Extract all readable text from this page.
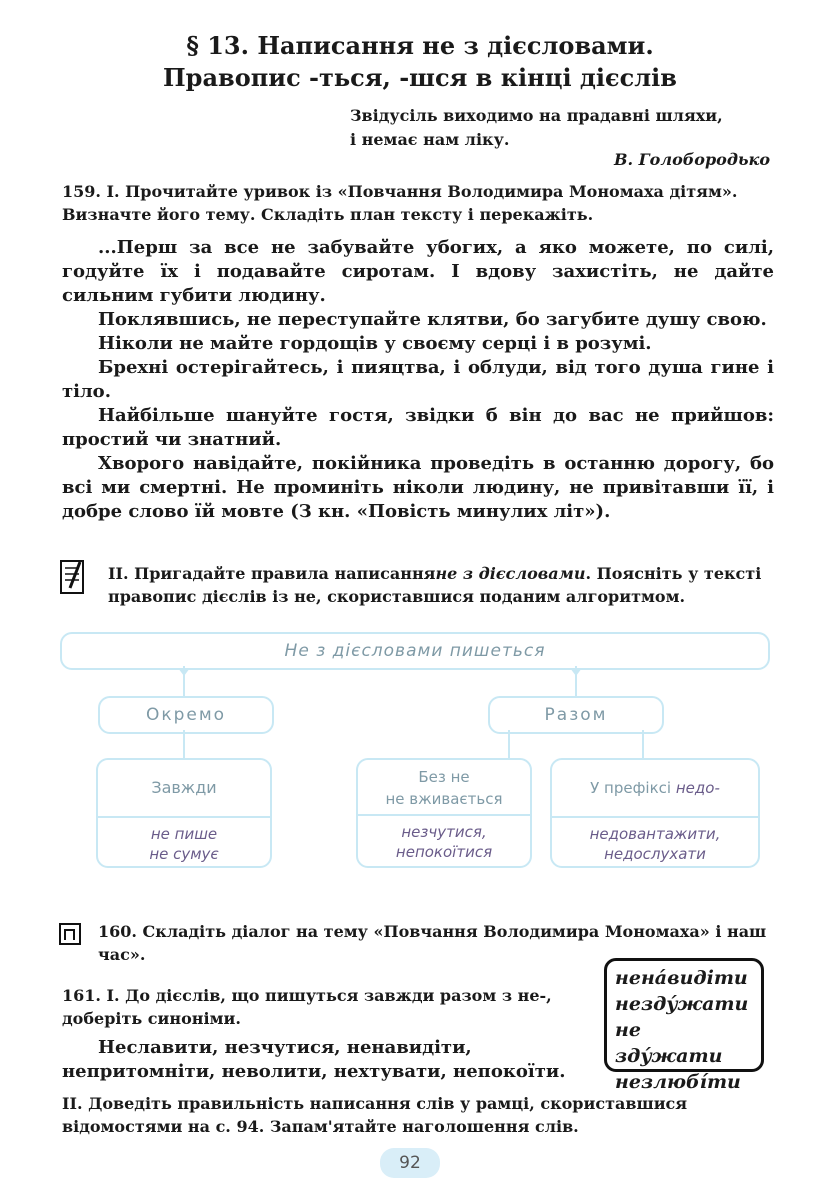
§ 13. Написання не з дієсловами.
Правопис -ться, -шся в кінці дієслів
Звідусіль виходимо на прадавні шляхи,
і немає нам ліку.
В. Голобородько
159. I. Прочитайте уривок із «Повчання Володимира Мономаха дітям». Визначте його тему. Складіть план тексту і перекажіть.
...Перш за все не забувайте убогих, а яко можете, по силі, годуйте їх і подавайте сиротам. І вдову захистіть, не дайте сильним губити людину.
Поклявшись, не переступайте клятви, бо загубите душу свою.
Ніколи не майте гордощів у своєму серці і в розумі.
Брехні остерігайтесь, і пияцтва, і облуди, від того душа гине і тіло.
Найбільше шануйте гостя, звідки б він до вас не прийшов: простий чи знатний.
Хворого навідайте, покійника проведіть в останню дорогу, бо всі ми смертні. Не проминіть ніколи людину, не привітавши її, і добре слово їй мовте (З кн. «Повість минулих літ»).
II. Пригадайте правила написанняне з дієсловами. Поясніть у тексті правопис дієслів із не, скориставшися поданим алгоритмом.
Не з дієсловами пишеться
Окремо	Разом
Завжди
не пише
не сумує
Без не
не вживається
незчутися,
непокоїтися
У префіксі недо-
недовантажити,
недослухати
160. Складіть діалог на тему «Повчання Володимира Мономаха» і наш час».
161. I. До дієслів, що пишуться завжди разом з не-, доберіть синоніми.
Неславити, незчутися, ненавидіти, непритомніти, неволити, нехтувати, непокоїти.
ненáвидіти
нездýжати
не здýжати
незлюбíти
II. Доведіть правильність написання слів у рамці, скориставшися відомостями на с. 94. Запам'ятайте наголошення слів.
92
